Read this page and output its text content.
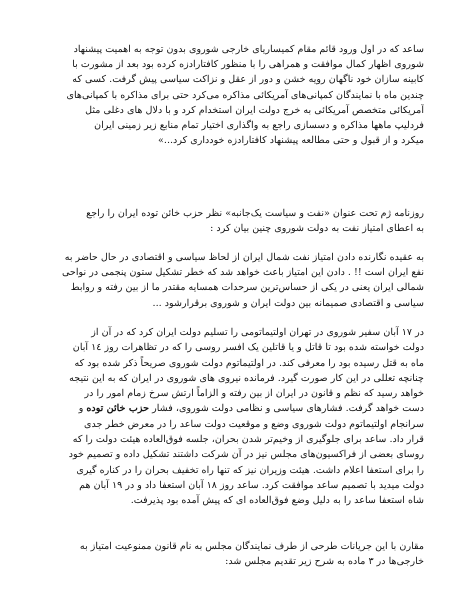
ساعد که در اول ورود قائم مقام کمیساریای خارجی شوروی بدون توجه به اهمیت پیشنهاد
شوروی اظهار کمال موافقت و همراهی را با منظور کافتارادزه کرده بود بعد از مشورت با
کابینه سازان خود ناگهان رویه خشن و دور از عقل و نزاکت سیاسی پیش گرفت. کسی که
چندین ماه با نمایندگان کمپانی‌های آمریکائی مذاکره می‌کرد حتی برای مذاکره با کمپانی‌های
آمریکائی متخصص آمریکائی به خرج دولت ایران استخدام کرد و با دلال های دغلی مثل
فردلیپ ماهها مذاکره و دسسازی راجع به واگذاری اختیار تمام منابع زیر زمینی ایران
میکرد و از قبول و حتی مطالعه پیشنهاد کافتارادزه خودداری کرد...»
روزنامه ژم تحت عنوان «نفت و سیاست یک‌جانبه» نظر حزب خائن توده ایران را راجع
به اعطای امتیاز نفت به دولت شوروی چنین بیان کرد :
به عقیده نگارنده دادن امتیاز نفت شمال ایران از لحاظ سیاسی و اقتصادی در حال حاضر به
نفع ایران است !! . دادن این امتیاز باعث خواهد شد که خطر تشکیل ستون پنجمی در نواحی
شمالی ایران یعنی در یکی از حساس‌ترین سرحدات همسایه مقتدر ما از بین رفته و روابط
سیاسی و اقتصادی صمیمانه بین دولت ایران و شوروی برقرارشود ...
در ۱۷ آبان سفیر شوروی در تهران اولتیماتومی را تسلیم دولت ایران کرد که در آن از
دولت خواسته شده بود تا قاتل و یا قاتلین یک افسر روسی را که در تظاهرات روز ۱٤ آبان
ماه به قتل رسیده بود را معرفی کند. در اولتیماتوم دولت شوروی صریحاً ذکر شده بود که
چنانچه تعللی در این کار صورت گیرد. فرمانده نیروی های شوروی در ایران که به این نتیجه
خواهد رسید که نظم و قانون در ایران از بین رفته و الزاماً ارتش سرخ زمام امور را در
دست خواهد گرفت. فشارهای سیاسی و نظامی دولت شوروی، فشار حزب خائن توده و
سرانجام اولتیماتوم دولت شوروی وضع و موقعیت دولت ساعد را در معرض خطر جدی
قرار داد. ساعد برای جلوگیری از وخیم‌تر شدن بحران، جلسه فوق‌العاده هیئت دولت را که
روسای بعضی از فراکسیون‌های مجلس نیز در آن شرکت داشتند تشکیل داده و تصمیم خود
را برای استعفا اعلام داشت. هیئت وزیران نیز که تنها راه تخفیف بحران را در کناره گیری
دولت میدید با تصمیم ساعد موافقت کرد. ساعد روز ۱۸ آبان استعفا داد و در ۱۹ آبان هم
شاه استعفا ساعد را به دلیل وضع فوق‌العاده ای که پیش آمده بود پذیرفت.
مقارن با این جریانات طرحی از طرف نمایندگان مجلس به نام قانون ممنوعیت امتیاز به
خارجی‌ها در ۳ ماده به شرح زیر تقدیم مجلس شد:
